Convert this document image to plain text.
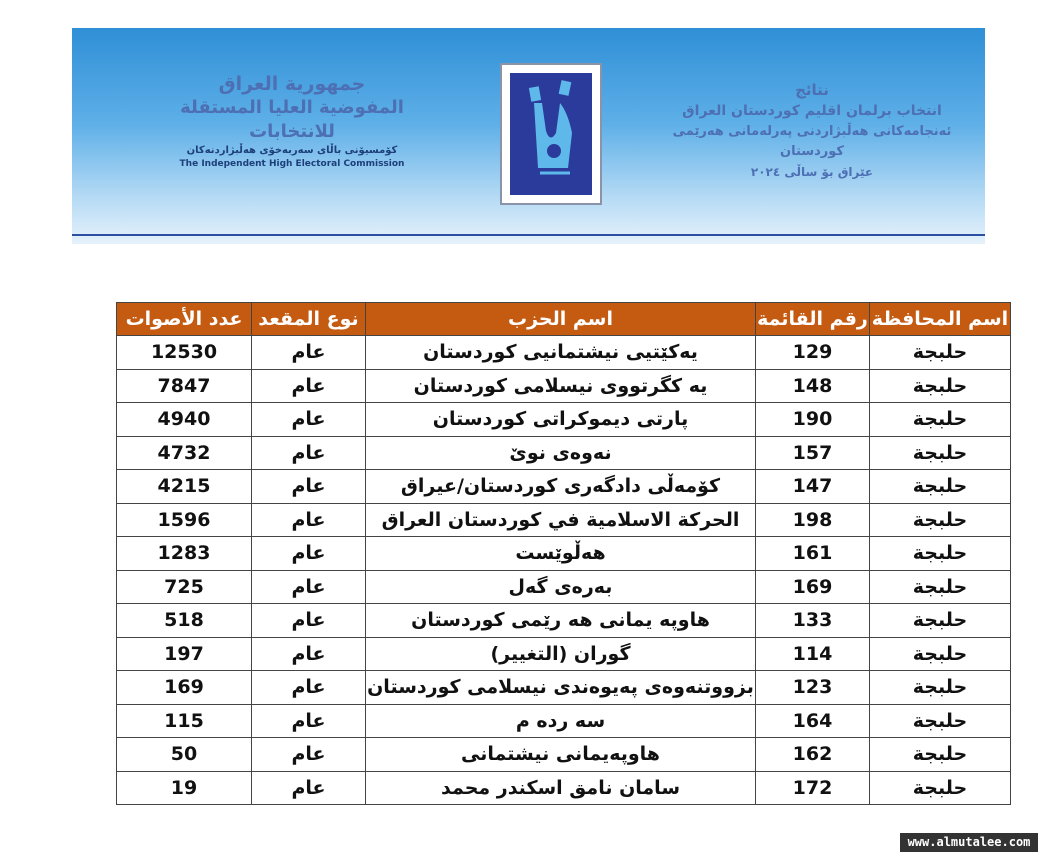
جمهورية العراق
المفوضية العليا المستقلة للانتخابات
كۆمسیۆنی باڵای سەربەخۆی هەڵبژاردنەکان
The Independent High Electoral Commission
نتائج
انتخاب برلمان اقليم كوردستان العراق
ئەنجامەکانی هەڵبژاردنی پەرلەمانی هەرێمی کوردستان
عێراق بۆ ساڵی ٢٠٢٤
اسم المحافظة	رقم القائمة	اسم الحزب	نوع المقعد	عدد الأصوات
حلبجة	129	یەکێتیی نیشتمانیی کوردستان	عام	12530
حلبجة	148	یه کگرتووی نیسلامی کوردستان	عام	7847
حلبجة	190	پارتی دیموکراتی کوردستان	عام	4940
حلبجة	157	نەوەی نوێ	عام	4732
حلبجة	147	کۆمەڵی دادگەری کوردستان/عیراق	عام	4215
حلبجة	198	الحركة الاسلامية في كوردستان العراق	عام	1596
حلبجة	161	هەڵوێست	عام	1283
حلبجة	169	بەرەی گەل	عام	725
حلبجة	133	هاوپه یمانی هه رێمی کوردستان	عام	518
حلبجة	114	گوران (التغيير)	عام	197
حلبجة	123	بزووتنەوەی پەیوەندی نیسلامی کوردستان	عام	169
حلبجة	164	سه رده م	عام	115
حلبجة	162	هاوپەیمانی نیشتمانی	عام	50
حلبجة	172	سامان نامق اسكندر محمد	عام	19
www.almutalee.com
